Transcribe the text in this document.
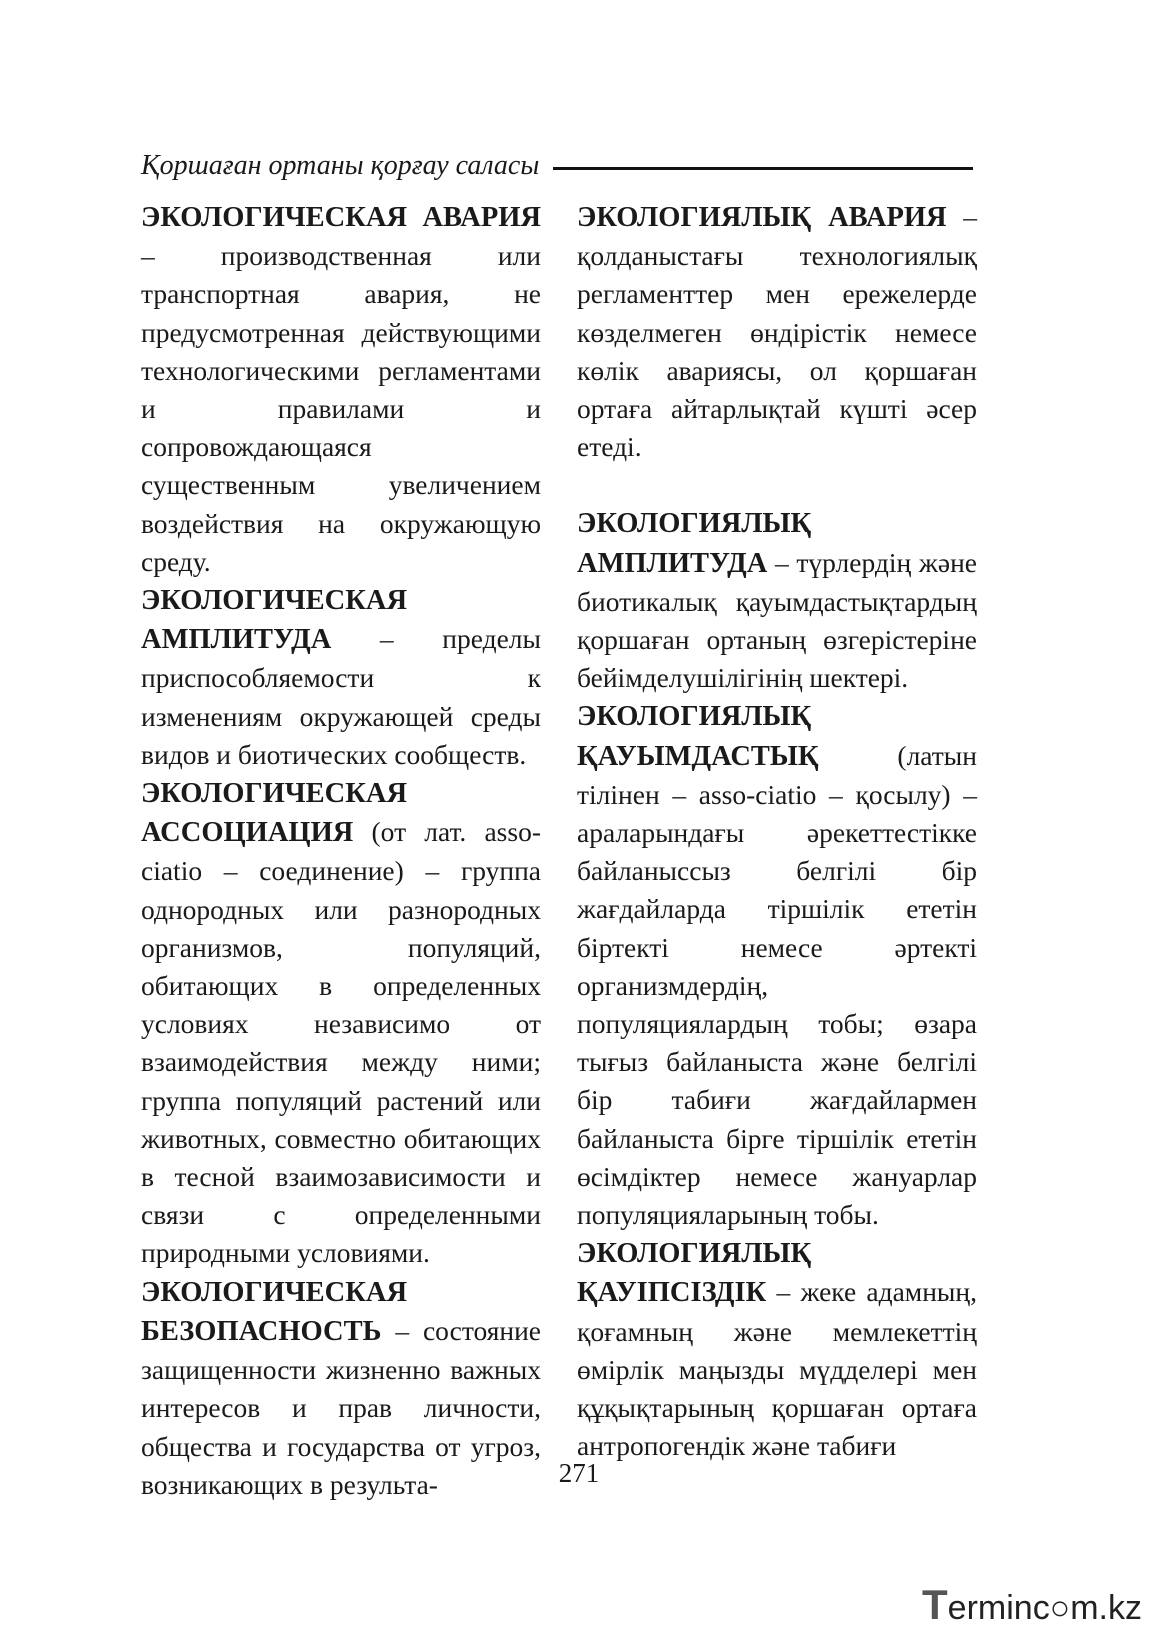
Қоршаған ортаны қорғау саласы

ЭКОЛОГИЧЕСКАЯ АВАРИЯ – производственная или транспортная авария, не предусмотренная действующими технологическими регламентами и правилами и сопровождающаяся существенным увеличением воздействия на окружающую среду.

ЭКОЛОГИЧЕСКАЯ АМПЛИТУДА – пределы приспособляемости к изменениям окружающей среды видов и биотических сообществ.

ЭКОЛОГИЧЕСКАЯ АССОЦИАЦИЯ (от лат. asso-ciatio – соединение) – группа однородных или разнородных организмов, популяций, обитающих в определенных условиях независимо от взаимодействия между ними; группа популяций растений или животных, совместно обитающих в тесной взаимозависимости и связи с определенными природными условиями.

ЭКОЛОГИЧЕСКАЯ БЕЗОПАСНОСТЬ – состояние защищенности жизненно важных интересов и прав личности, общества и государства от угроз, возникающих в результа-

ЭКОЛОГИЯЛЫҚ АВАРИЯ – қолданыстағы технологиялық регламенттер мен ережелерде көзделмеген өндірістік немесе көлік авариясы, ол қоршаған ортаға айтарлықтай күшті әсер етеді.

ЭКОЛОГИЯЛЫҚ АМПЛИТУДА – түрлердің және биотикалық қауымдастықтардың қоршаған ортаның өзгерістеріне бейімделушілігінің шектері.

ЭКОЛОГИЯЛЫҚ ҚАУЫМДАСТЫҚ (латын тілінен – asso-ciatio – қосылу) – араларындағы әрекеттестікке байланыссыз белгілі бір жағдайларда тіршілік ететін біртекті немесе әртекті организмдердің, популяциялардың тобы; өзара тығыз байланыста және белгілі бір табиғи жағдайлармен байланыста бірге тіршілік ететін өсімдіктер немесе жануарлар популяцияларының тобы.

ЭКОЛОГИЯЛЫҚ ҚАУІПСІЗДІК – жеке адамның, қоғамның және мемлекеттің өмірлік маңызды мүдделері мен құқықтарының қоршаған ортаға антропогендік және табиғи

271
Terminc○m.kz
